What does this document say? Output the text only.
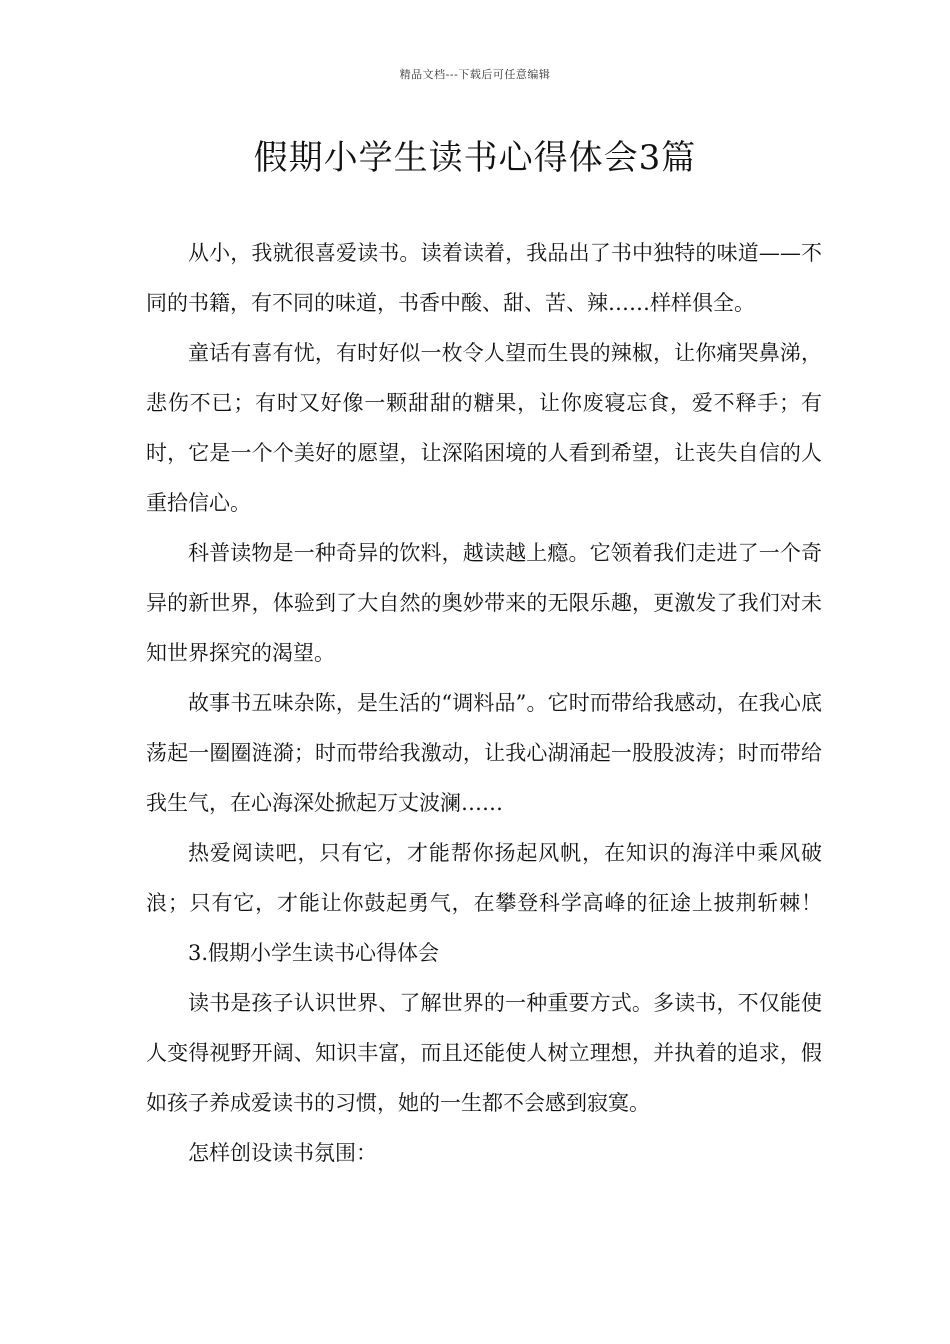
精品文档---下载后可任意编辑
假期小学生读书心得体会3篇

从小，我就很喜爱读书。读着读着，我品出了书中独特的味道——不同的书籍，有不同的味道，书香中酸、甜、苦、辣……样样俱全。

童话有喜有忧，有时好似一枚令人望而生畏的辣椒，让你痛哭鼻涕，悲伤不已；有时又好像一颗甜甜的糖果，让你废寝忘食，爱不释手；有时，它是一个个美好的愿望，让深陷困境的人看到希望，让丧失自信的人重拾信心。

科普读物是一种奇异的饮料，越读越上瘾。它领着我们走进了一个奇异的新世界，体验到了大自然的奥妙带来的无限乐趣，更激发了我们对未知世界探究的渴望。

故事书五味杂陈，是生活的“调料品”。它时而带给我感动，在我心底荡起一圈圈涟漪；时而带给我激动，让我心湖涌起一股股波涛；时而带给我生气，在心海深处掀起万丈波澜……

热爱阅读吧，只有它，才能帮你扬起风帆，在知识的海洋中乘风破浪；只有它，才能让你鼓起勇气，在攀登科学高峰的征途上披荆斩棘！3.假期小学生读书心得体会

读书是孩子认识世界、了解世界的一种重要方式。多读书，不仅能使人变得视野开阔、知识丰富，而且还能使人树立理想，并执着的追求，假如孩子养成爱读书的习惯，她的一生都不会感到寂寞。

怎样创设读书氛围：
